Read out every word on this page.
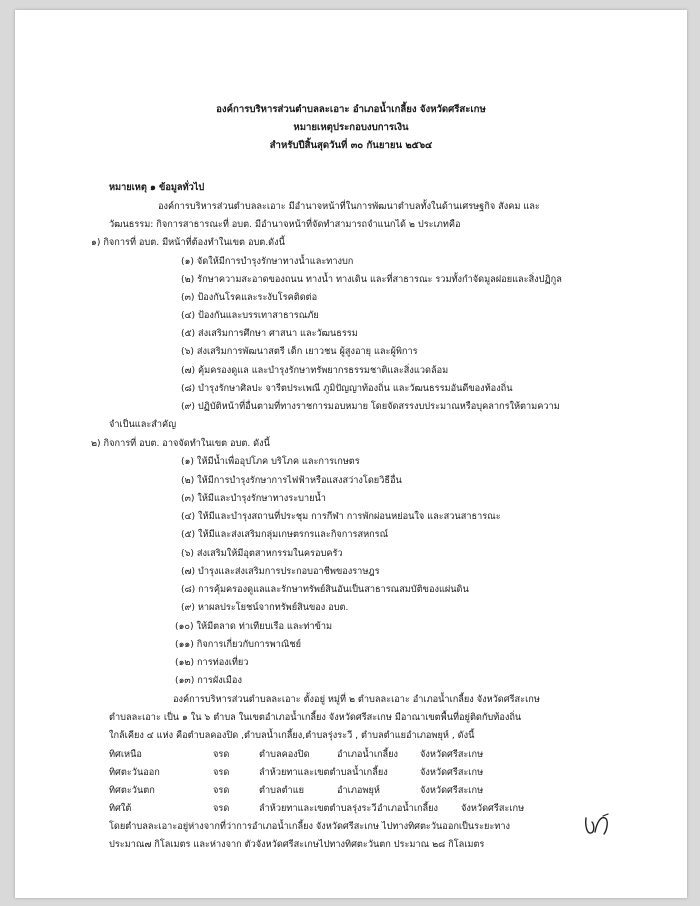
องค์การบริหารส่วนตำบลละเอาะ อำเภอน้ำเกลี้ยง จังหวัดศรีสะเกษ
หมายเหตุประกอบงบการเงิน
สำหรับปีสิ้นสุดวันที่ ๓๐ กันยายน ๒๕๖๔
หมายเหตุ ๑ ข้อมูลทั่วไป
องค์การบริหารส่วนตำบลละเอาะ มีอำนาจหน้าที่ในการพัฒนาตำบลทั้งในด้านเศรษฐกิจ สังคม และ
วัฒนธรรม: กิจการสาธารณะที่ อบต. มีอำนาจหน้าที่จัดทำสามารถจำแนกได้ ๒ ประเภทคือ
๑) กิจการที่ อบต. มีหน้าที่ต้องทำในเขต อบต.ดังนี้
(๑) จัดให้มีการบำรุงรักษาทางน้ำและทางบก
(๒) รักษาความสะอาดของถนน ทางน้ำ ทางเดิน และที่สาธารณะ รวมทั้งกำจัดมูลฝอยและสิ่งปฏิกูล
(๓) ป้องกันโรคและระงับโรคติดต่อ
(๔) ป้องกันและบรรเทาสาธารณภัย
(๕) ส่งเสริมการศึกษา ศาสนา และวัฒนธรรม
(๖) ส่งเสริมการพัฒนาสตรี เด็ก เยาวชน ผู้สูงอายุ และผู้พิการ
(๗) คุ้มครองดูแล และบำรุงรักษาทรัพยากรธรรมชาติและสิ่งแวดล้อม
(๘) บำรุงรักษาศิลปะ จารีตประเพณี ภูมิปัญญาท้องถิ่น และวัฒนธรรมอันดีของท้องถิ่น
(๙) ปฏิบัติหน้าที่อื่นตามที่ทางราชการมอบหมาย โดยจัดสรรงบประมาณหรือบุคลากรให้ตามความ
จำเป็นและสำคัญ
๒) กิจการที่ อบต. อาจจัดทำในเขต อบต. ดังนี้
(๑) ให้มีน้ำเพื่ออุปโภค บริโภค และการเกษตร
(๒) ให้มีการบำรุงรักษาการไฟฟ้าหรือแสงสว่างโดยวิธีอื่น
(๓) ให้มีและบำรุงรักษาทางระบายน้ำ
(๔) ให้มีและบำรุงสถานที่ประชุม การกีฬา การพักผ่อนหย่อนใจ และสวนสาธารณะ
(๕) ให้มีและส่งเสริมกลุ่มเกษตรกรและกิจการสหกรณ์
(๖) ส่งเสริมให้มีอุตสาหกรรมในครอบครัว
(๗) บำรุงและส่งเสริมการประกอบอาชีพของราษฎร
(๘) การคุ้มครองดูแลและรักษาทรัพย์สินอันเป็นสาธารณสมบัติของแผ่นดิน
(๙) หาผลประโยชน์จากทรัพย์สินของ อบต.
(๑๐) ให้มีตลาด ท่าเทียบเรือ และท่าข้าม
(๑๑) กิจการเกี่ยวกับการพาณิชย์
(๑๒) การท่องเที่ยว
(๑๓) การผังเมือง
องค์การบริหารส่วนตำบลละเอาะ ตั้งอยู่ หมู่ที่ ๒ ตำบลละเอาะ อำเภอน้ำเกลี้ยง จังหวัดศรีสะเกษ
ตำบลละเอาะ เป็น ๑ ใน ๖ ตำบล ในเขตอำเภอน้ำเกลี้ยง จังหวัดศรีสะเกษ มีอาณาเขตพื้นที่อยู่ติดกับท้องถิ่น
ใกล้เคียง ๔ แห่ง คือตำบลคองปิด ,ตำบลน้ำเกลี้ยง,ตำบลรุ่งระวี , ตำบลตำแยอำเภอพยุห์ , ดังนี้
ทิศเหนือ	จรด	ตำบลคองปิด	อำเภอน้ำเกลี้ยง จังหวัดศรีสะเกษ
ทิศตะวันออก	จรด	ลำห้วยทาและเขตตำบลน้ำเกลี้ยง	จังหวัดศรีสะเกษ
ทิศตะวันตก	จรด	ตำบลตำแย	อำเภอพยุห์	จังหวัดศรีสะเกษ
ทิศใต้	จรด	ลำห้วยทาและเขตตำบลรุ่งระวี อำเภอน้ำเกลี้ยง จังหวัดศรีสะเกษ
โดยตำบลละเอาะอยู่ห่างจากที่ว่าการอำเภอน้ำเกลี้ยง จังหวัดศรีสะเกษ ไปทางทิศตะวันออกเป็นระยะทาง
ประมาณ๗ กิโลเมตร และห่างจาก ตัวจังหวัดศรีสะเกษไปทางทิศตะวันตก ประมาณ ๒๘ กิโลเมตร
